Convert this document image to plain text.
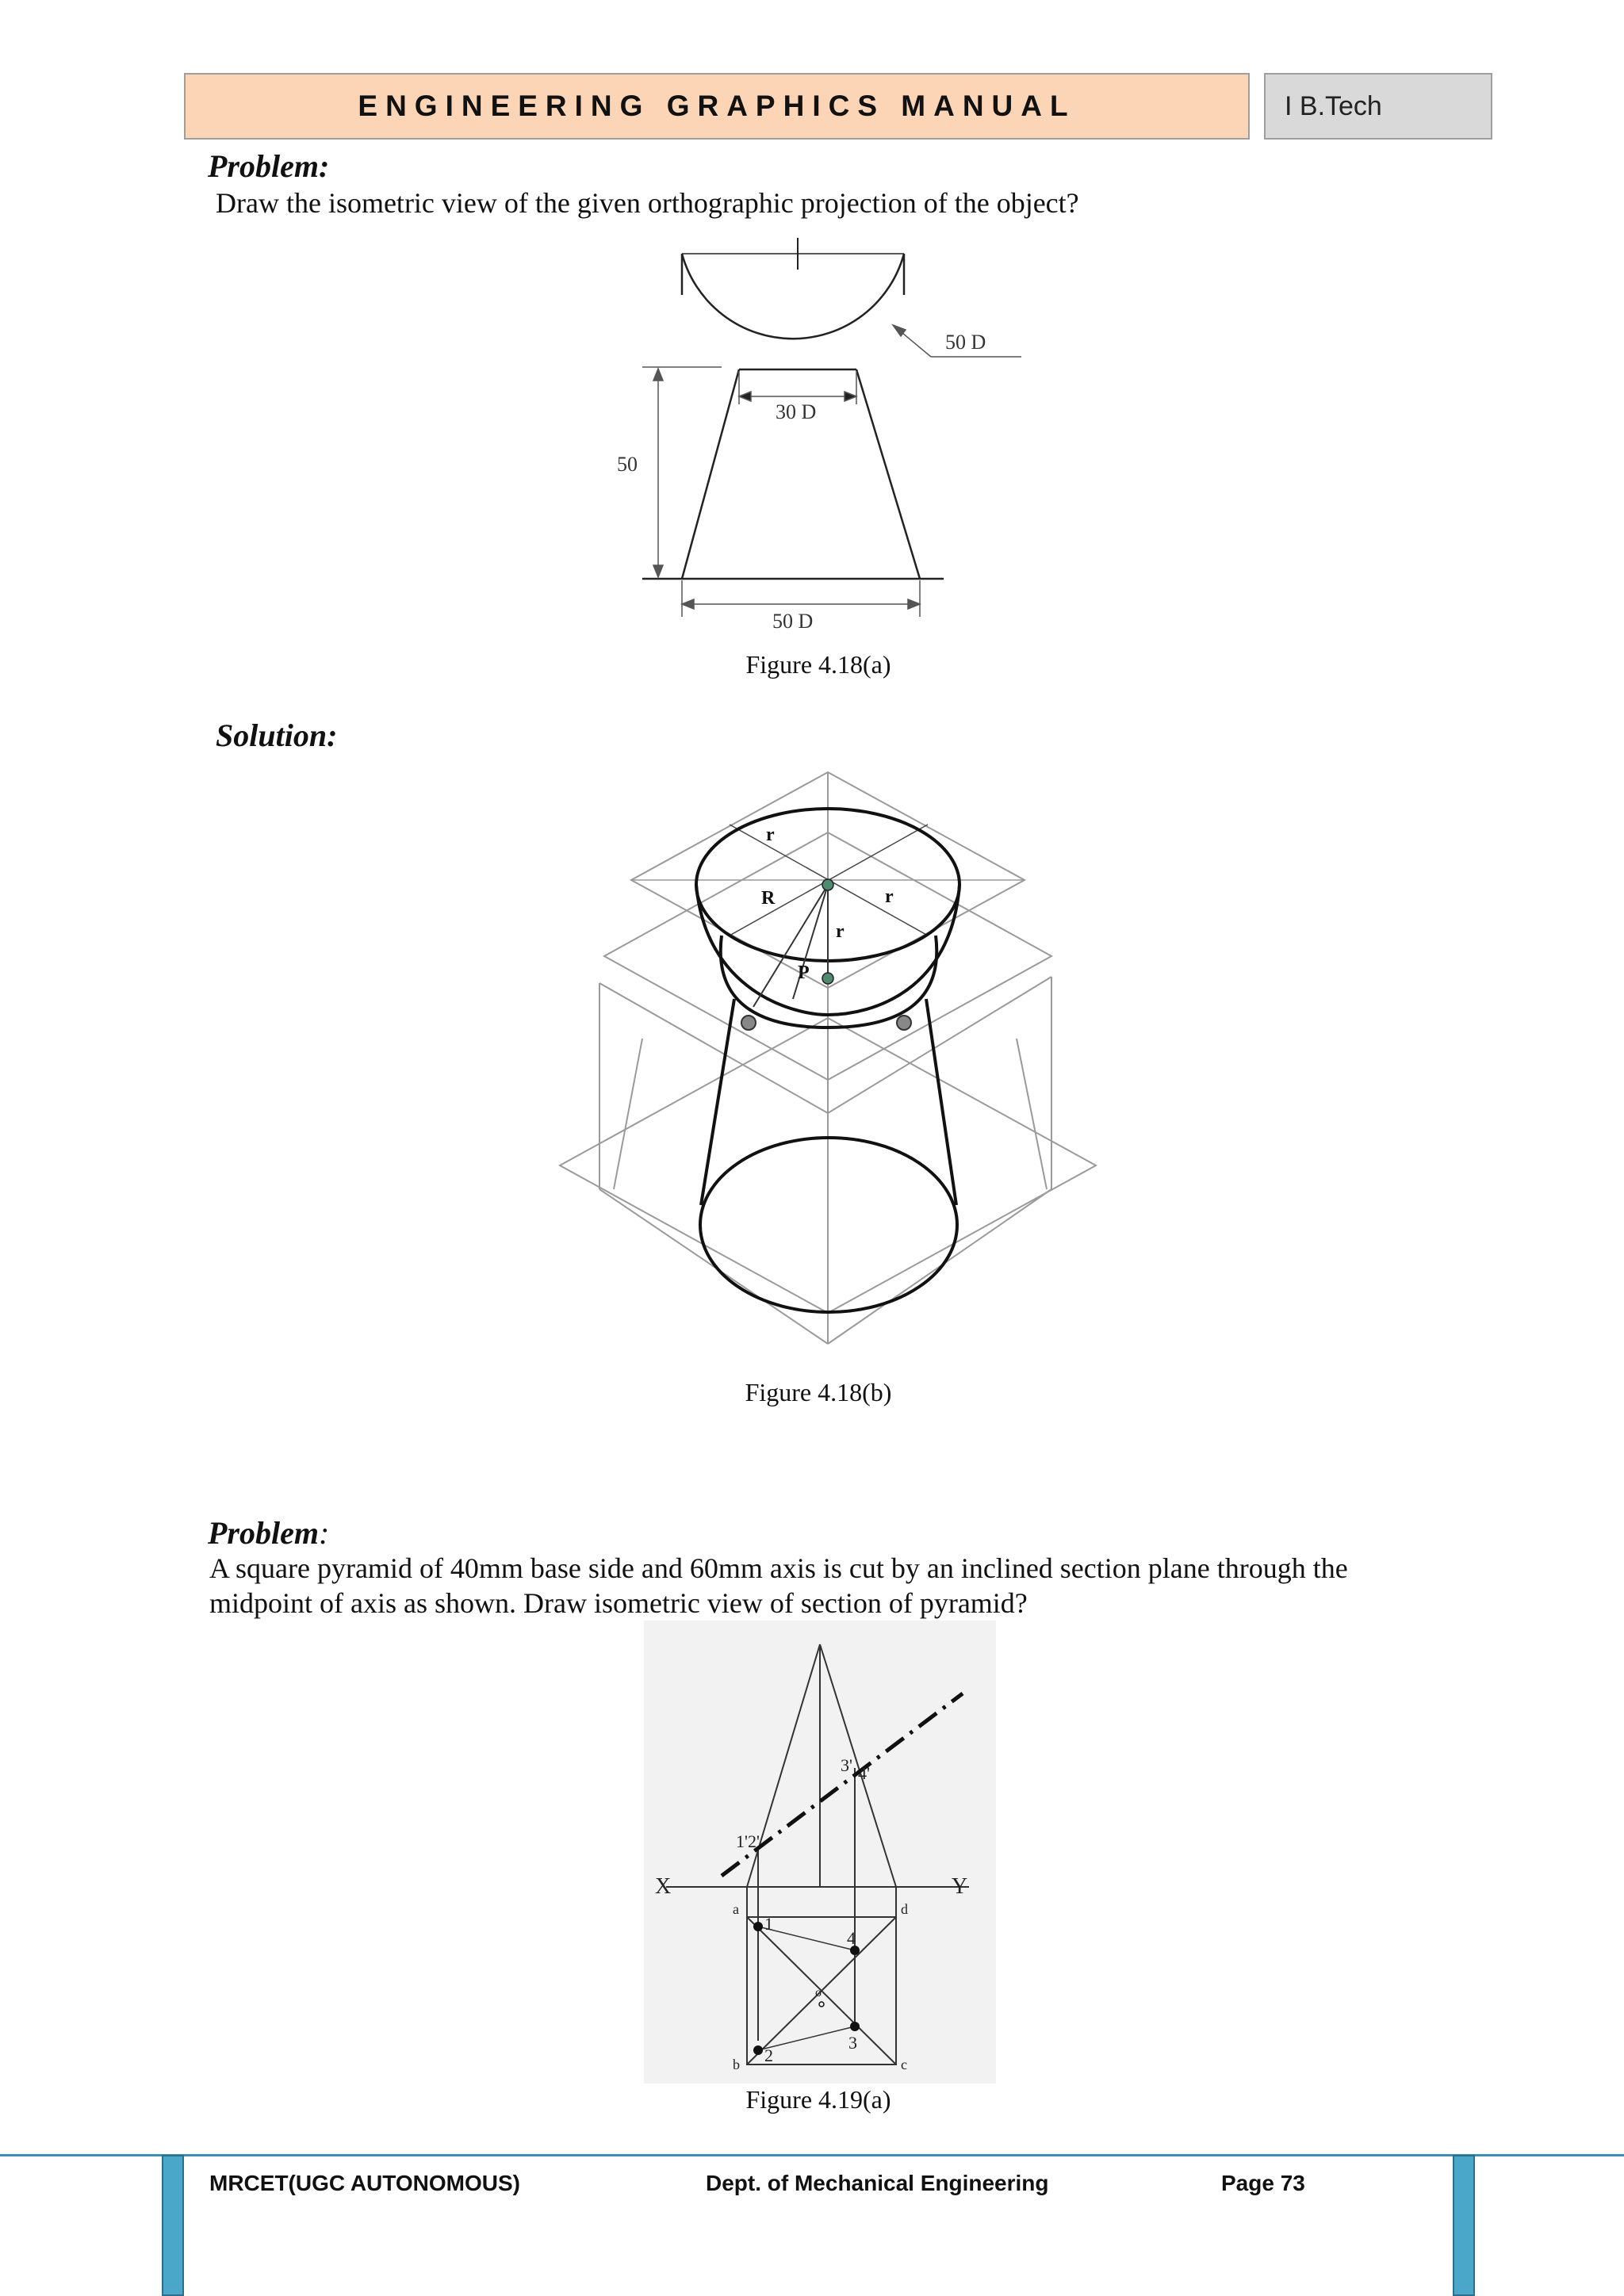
ENGINEERING GRAPHICS MANUAL	I B.Tech
Problem:
Draw the isometric view of the given orthographic projection of the object?
50 D
30 D
50
50 D
Figure 4.18(a)
Solution:
r
R	r
r
P
Figure 4.18(b)
Problem:
A square pyramid of 40mm base side and 60mm axis is cut by an inclined section plane through the midpoint of axis as shown. Draw isometric view of section of pyramid?
X	Y
1'2'
3' 4'
a
b	c
d
1
2
3
4
o
Figure 4.19(a)
MRCET(UGC AUTONOMOUS)	Dept. of Mechanical Engineering	Page 73
